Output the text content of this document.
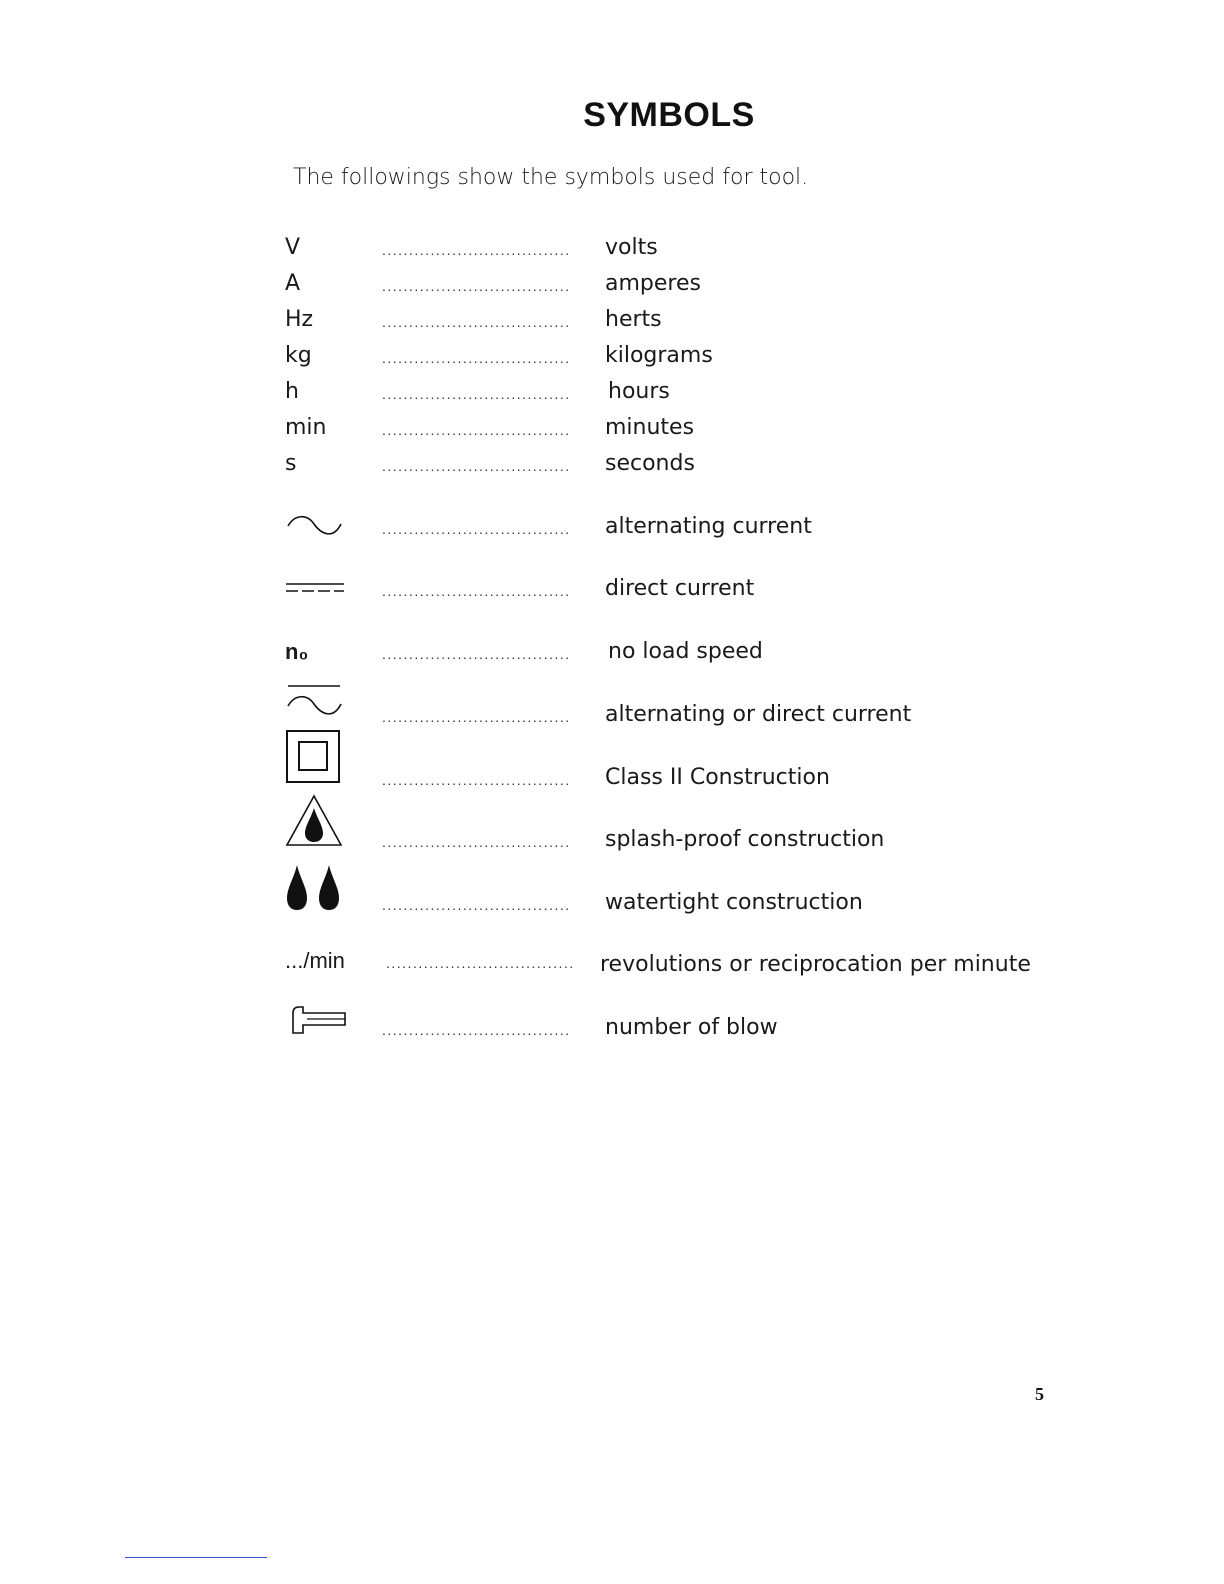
SYMBOLS
The followings show the symbols used for tool.
V	...................................	volts
A	...................................	amperes
Hz	...................................	herts
kg	...................................	kilograms
h	...................................	hours
min	...................................	minutes
s	...................................	seconds
...................................	alternating current
...................................	direct current
n₀	...................................	no load speed
...................................	alternating or direct current
...................................	Class II Construction
...................................	splash-proof construction
...................................	watertight construction
.../min	...................................	revolutions or reciprocation per minute
...................................	number of blow
5
